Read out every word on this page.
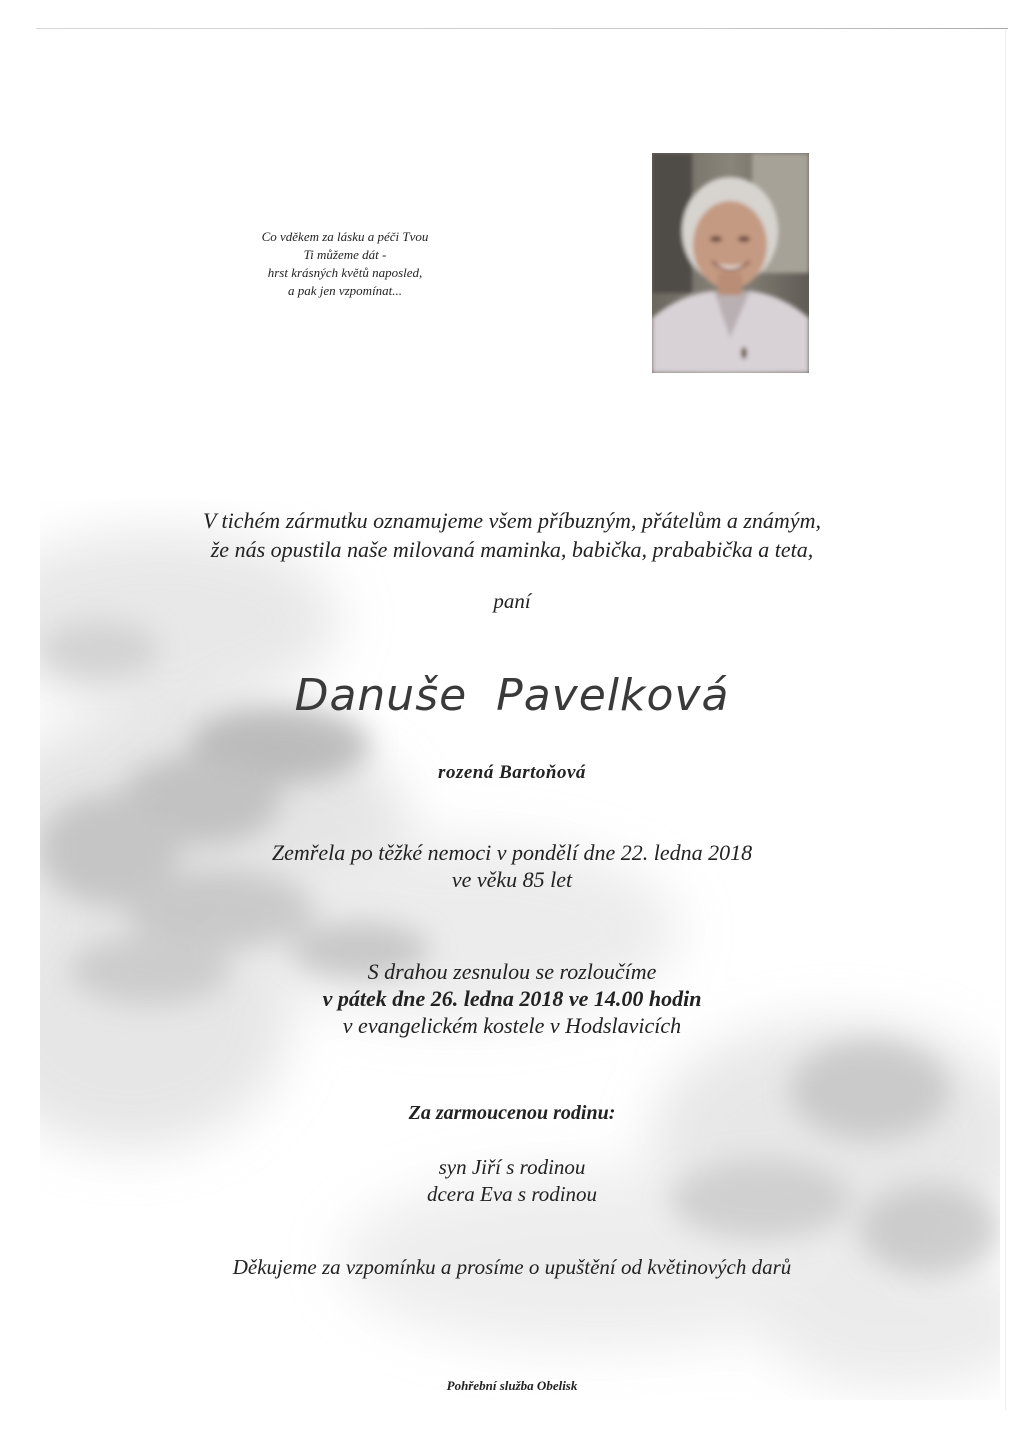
Co vděkem za lásku a péči Tvou
Ti můžeme dát -
hrst krásných květů naposled,
a pak jen vzpomínat...
V tichém zármutku oznamujeme všem příbuzným, přátelům a známým,
že nás opustila naše milovaná maminka, babička, prababička a teta,
paní
Danuše Pavelková
rozená Bartoňová
Zemřela po těžké nemoci v pondělí dne 22. ledna 2018
ve věku 85 let
S drahou zesnulou se rozloučíme
v pátek dne 26. ledna 2018 ve 14.00 hodin
v evangelickém kostele v Hodslavicích
Za zarmoucenou rodinu:
syn Jiří s rodinou
dcera Eva s rodinou
Děkujeme za vzpomínku a prosíme o upuštění od květinových darů
Pohřební služba Obelisk
